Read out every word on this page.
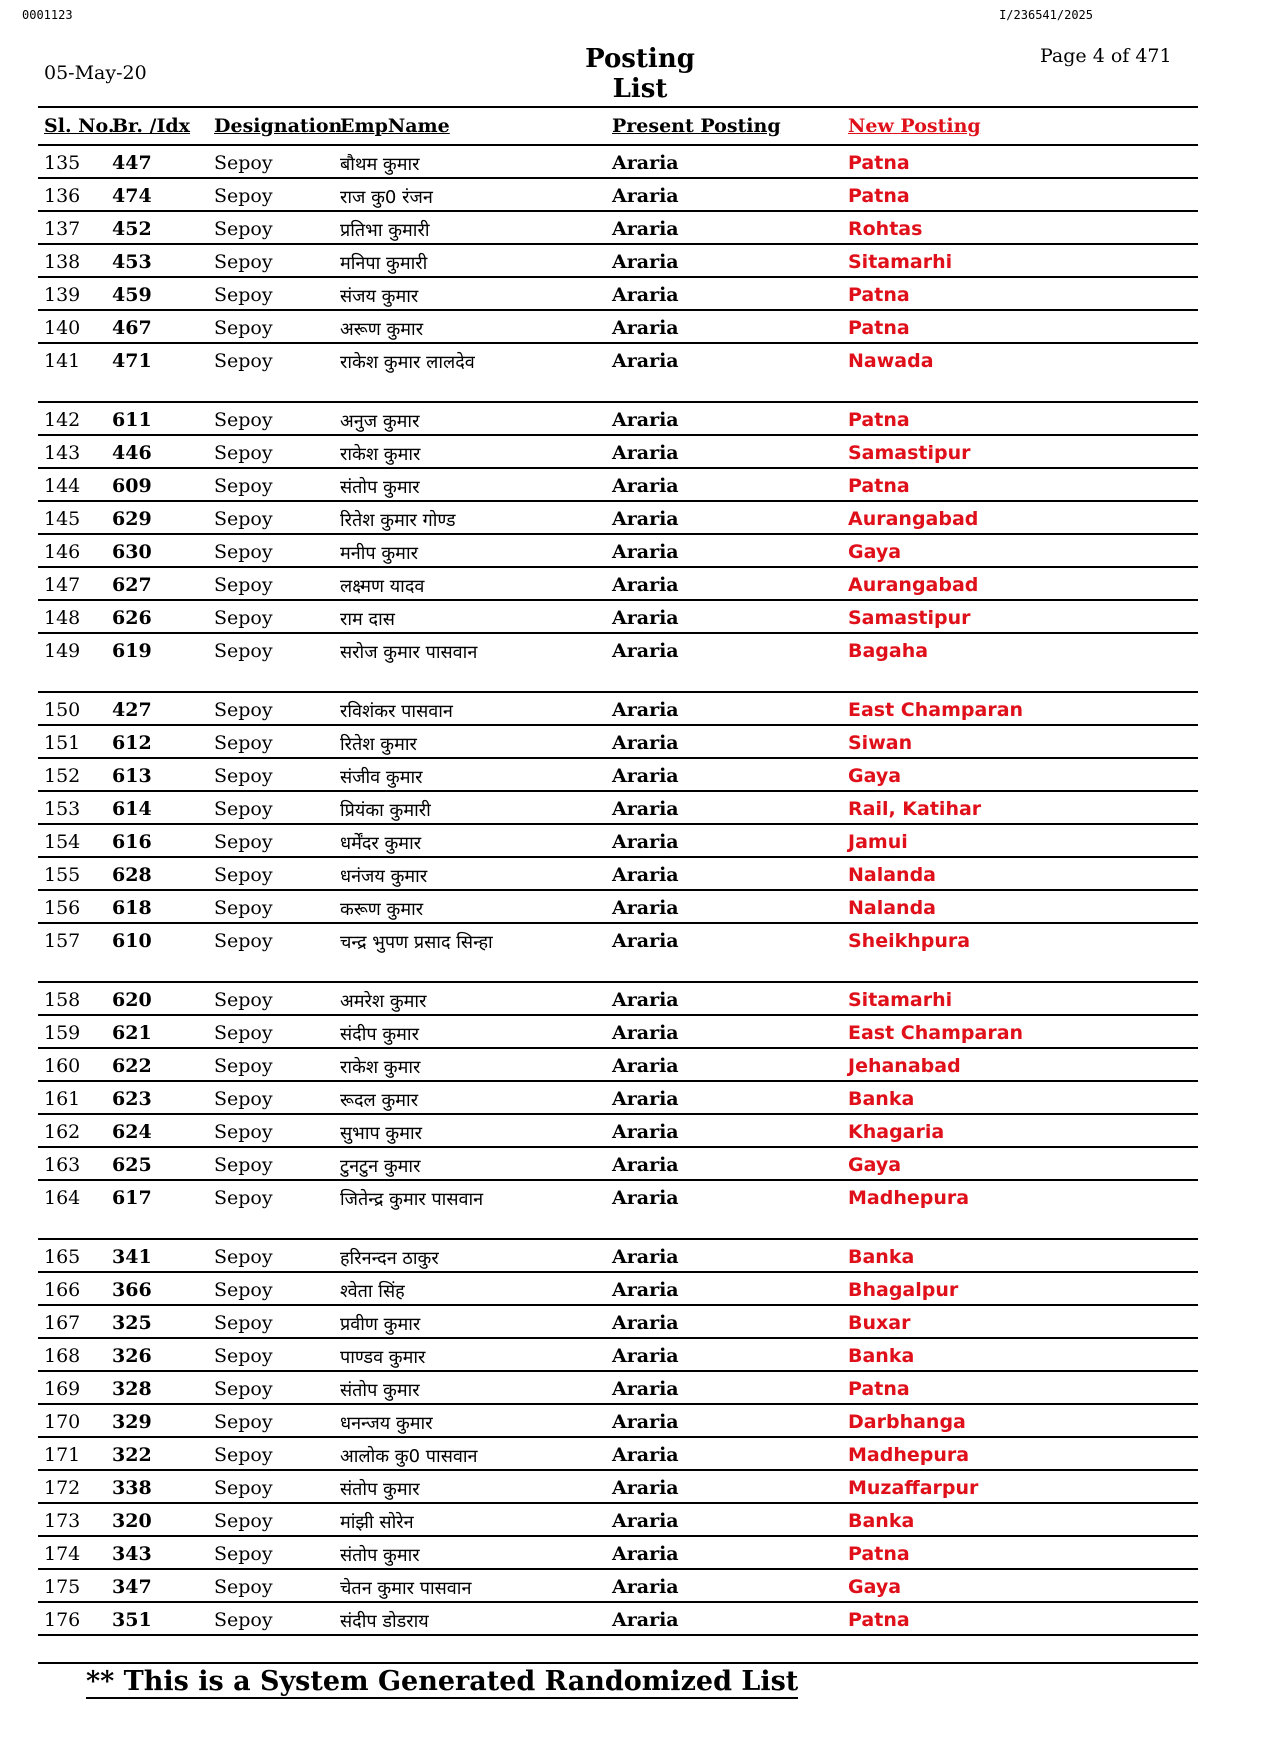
0001123	I/236541/2025
05-May-20	Posting List
Page 4 of 471
Sl. No.	Br. /Idx	Designation	EmpName	Present Posting	New Posting
135	447	Sepoy	बौथम कुमार	Araria	Patna
136	474	Sepoy	राज कु0 रंजन	Araria	Patna
137	452	Sepoy	प्रतिभा कुमारी	Araria	Rohtas
138	453	Sepoy	मनिपा कुमारी	Araria	Sitamarhi
139	459	Sepoy	संजय कुमार	Araria	Patna
140	467	Sepoy	अरूण कुमार	Araria	Patna
141	471	Sepoy	राकेश कुमार लालदेव	Araria	Nawada
142	611	Sepoy	अनुज कुमार	Araria	Patna
143	446	Sepoy	राकेश कुमार	Araria	Samastipur
144	609	Sepoy	संतोप कुमार	Araria	Patna
145	629	Sepoy	रितेश कुमार गोण्ड	Araria	Aurangabad
146	630	Sepoy	मनीप कुमार	Araria	Gaya
147	627	Sepoy	लक्ष्मण यादव	Araria	Aurangabad
148	626	Sepoy	राम दास	Araria	Samastipur
149	619	Sepoy	सरोज कुमार पासवान	Araria	Bagaha
150	427	Sepoy	रविशंकर पासवान	Araria	East Champaran
151	612	Sepoy	रितेश कुमार	Araria	Siwan
152	613	Sepoy	संजीव कुमार	Araria	Gaya
153	614	Sepoy	प्रियंका कुमारी	Araria	Rail, Katihar
154	616	Sepoy	धर्मेंदर कुमार	Araria	Jamui
155	628	Sepoy	धनंजय कुमार	Araria	Nalanda
156	618	Sepoy	करूण कुमार	Araria	Nalanda
157	610	Sepoy	चन्द्र भुपण प्रसाद सिन्हा	Araria	Sheikhpura
158	620	Sepoy	अमरेश कुमार	Araria	Sitamarhi
159	621	Sepoy	संदीप कुमार	Araria	East Champaran
160	622	Sepoy	राकेश कुमार	Araria	Jehanabad
161	623	Sepoy	रूदल कुमार	Araria	Banka
162	624	Sepoy	सुभाप कुमार	Araria	Khagaria
163	625	Sepoy	टुनटुन कुमार	Araria	Gaya
164	617	Sepoy	जितेन्द्र कुमार पासवान	Araria	Madhepura
165	341	Sepoy	हरिनन्दन ठाकुर	Araria	Banka
166	366	Sepoy	श्वेता सिंह	Araria	Bhagalpur
167	325	Sepoy	प्रवीण कुमार	Araria	Buxar
168	326	Sepoy	पाण्डव कुमार	Araria	Banka
169	328	Sepoy	संतोप कुमार	Araria	Patna
170	329	Sepoy	धनन्जय कुमार	Araria	Darbhanga
171	322	Sepoy	आलोक कु0 पासवान	Araria	Madhepura
172	338	Sepoy	संतोप कुमार	Araria	Muzaffarpur
173	320	Sepoy	मांझी सोरेन	Araria	Banka
174	343	Sepoy	संतोप कुमार	Araria	Patna
175	347	Sepoy	चेतन कुमार पासवान	Araria	Gaya
176	351	Sepoy	संदीप डोडराय	Araria	Patna
** This is a System Generated Randomized List
